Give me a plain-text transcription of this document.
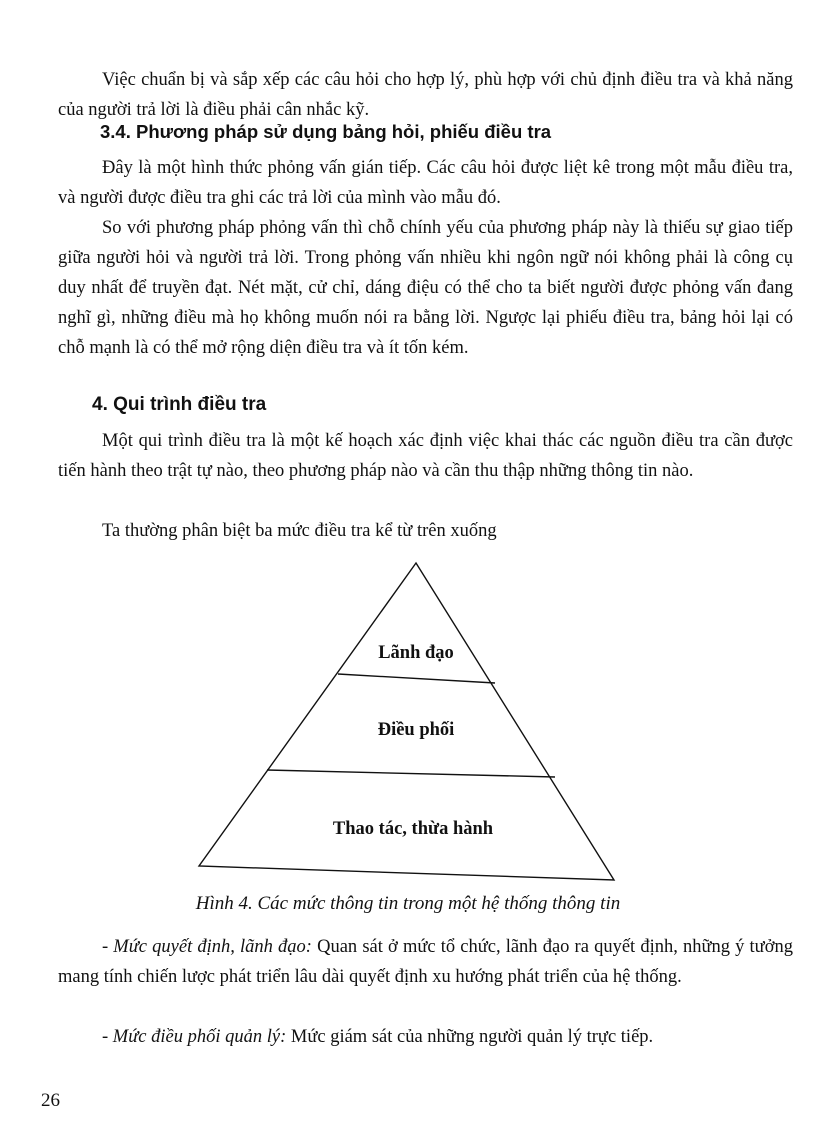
Việc chuẩn bị và sắp xếp các câu hỏi cho hợp lý, phù hợp với chủ định điều tra và khả năng của người trả lời là điều phải cân nhắc kỹ.

3.4. Phương pháp sử dụng bảng hỏi, phiếu điều tra

Đây là một hình thức phỏng vấn gián tiếp. Các câu hỏi được liệt kê trong một mẫu điều tra, và người được điều tra ghi các trả lời của mình vào mẫu đó.

So với phương pháp phỏng vấn thì chỗ chính yếu của phương pháp này là thiếu sự giao tiếp giữa người hỏi và người trả lời. Trong phỏng vấn nhiều khi ngôn ngữ nói không phải là công cụ duy nhất để truyền đạt. Nét mặt, cử chỉ, dáng điệu có thể cho ta biết người được phỏng vấn đang nghĩ gì, những điều mà họ không muốn nói ra bằng lời. Ngược lại phiếu điều tra, bảng hỏi lại có chỗ mạnh là có thể mở rộng diện điều tra và ít tốn kém.

4. Qui trình điều tra

Một qui trình điều tra là một kế hoạch xác định việc khai thác các nguồn điều tra cần được tiến hành theo trật tự nào, theo phương pháp nào và cần thu thập những thông tin nào.

Ta thường phân biệt ba mức điều tra kể từ trên xuống

Lãnh đạo
Điều phối
Thao tác, thừa hành

Hình 4. Các mức thông tin trong một hệ thống thông tin

- Mức quyết định, lãnh đạo: Quan sát ở mức tổ chức, lãnh đạo ra quyết định, những ý tưởng mang tính chiến lược phát triển lâu dài quyết định xu hướng phát triển của hệ thống.

- Mức điều phối quản lý: Mức giám sát của những người quản lý trực tiếp.

26
